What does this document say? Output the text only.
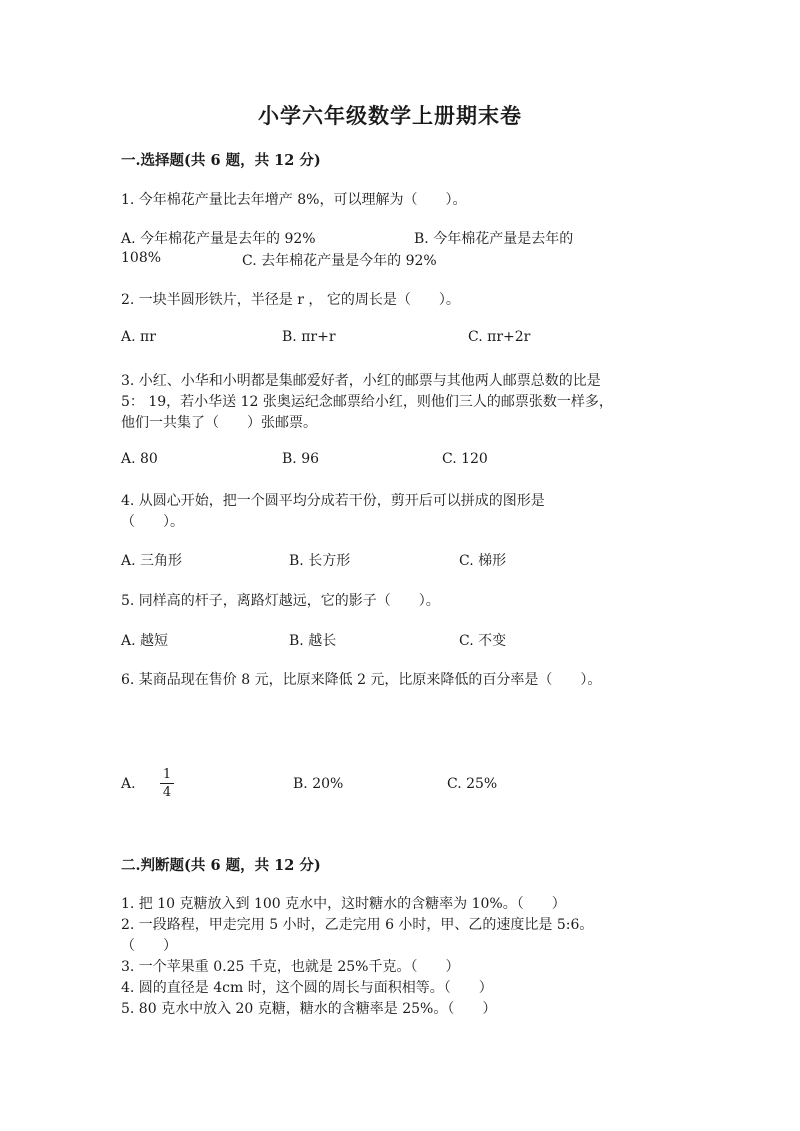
小学六年级数学上册期末卷
一.选择题(共 6 题，共 12 分)
1. 今年棉花产量比去年增产 8%，可以理解为（　　）。
A. 今年棉花产量是去年的 92%	B. 今年棉花产量是去年的
108%	C. 去年棉花产量是今年的 92%
2. 一块半圆形铁片，半径是 r ， 它的周长是（　　）。
A. πr	B. πr+r	C. πr+2r
3. 小红、小华和小明都是集邮爱好者，小红的邮票与其他两人邮票总数的比是
5： 19，若小华送 12 张奥运纪念邮票给小红，则他们三人的邮票张数一样多，
他们一共集了（　　）张邮票。
A. 80	B. 96	C. 120
4. 从圆心开始，把一个圆平均分成若干份，剪开后可以拼成的图形是
（　　）。
A. 三角形	B. 长方形	C. 梯形
5. 同样高的杆子，离路灯越远，它的影子（　　）。
A. 越短	B. 越长	C. 不变
6. 某商品现在售价 8 元，比原来降低 2 元，比原来降低的百分率是（　　）。
A.
1
4
B. 20%	C. 25%
二.判断题(共 6 题，共 12 分)
1. 把 10 克糖放入到 100 克水中，这时糖水的含糖率为 10%。（　　）
2. 一段路程，甲走完用 5 小时，乙走完用 6 小时，甲、乙的速度比是 5:6。
（　　）
3. 一个苹果重 0.25 千克，也就是 25%千克。（　　）
4. 圆的直径是 4cm 时，这个圆的周长与面积相等。（　　）
5. 80 克水中放入 20 克糖，糖水的含糖率是 25%。（　　）
